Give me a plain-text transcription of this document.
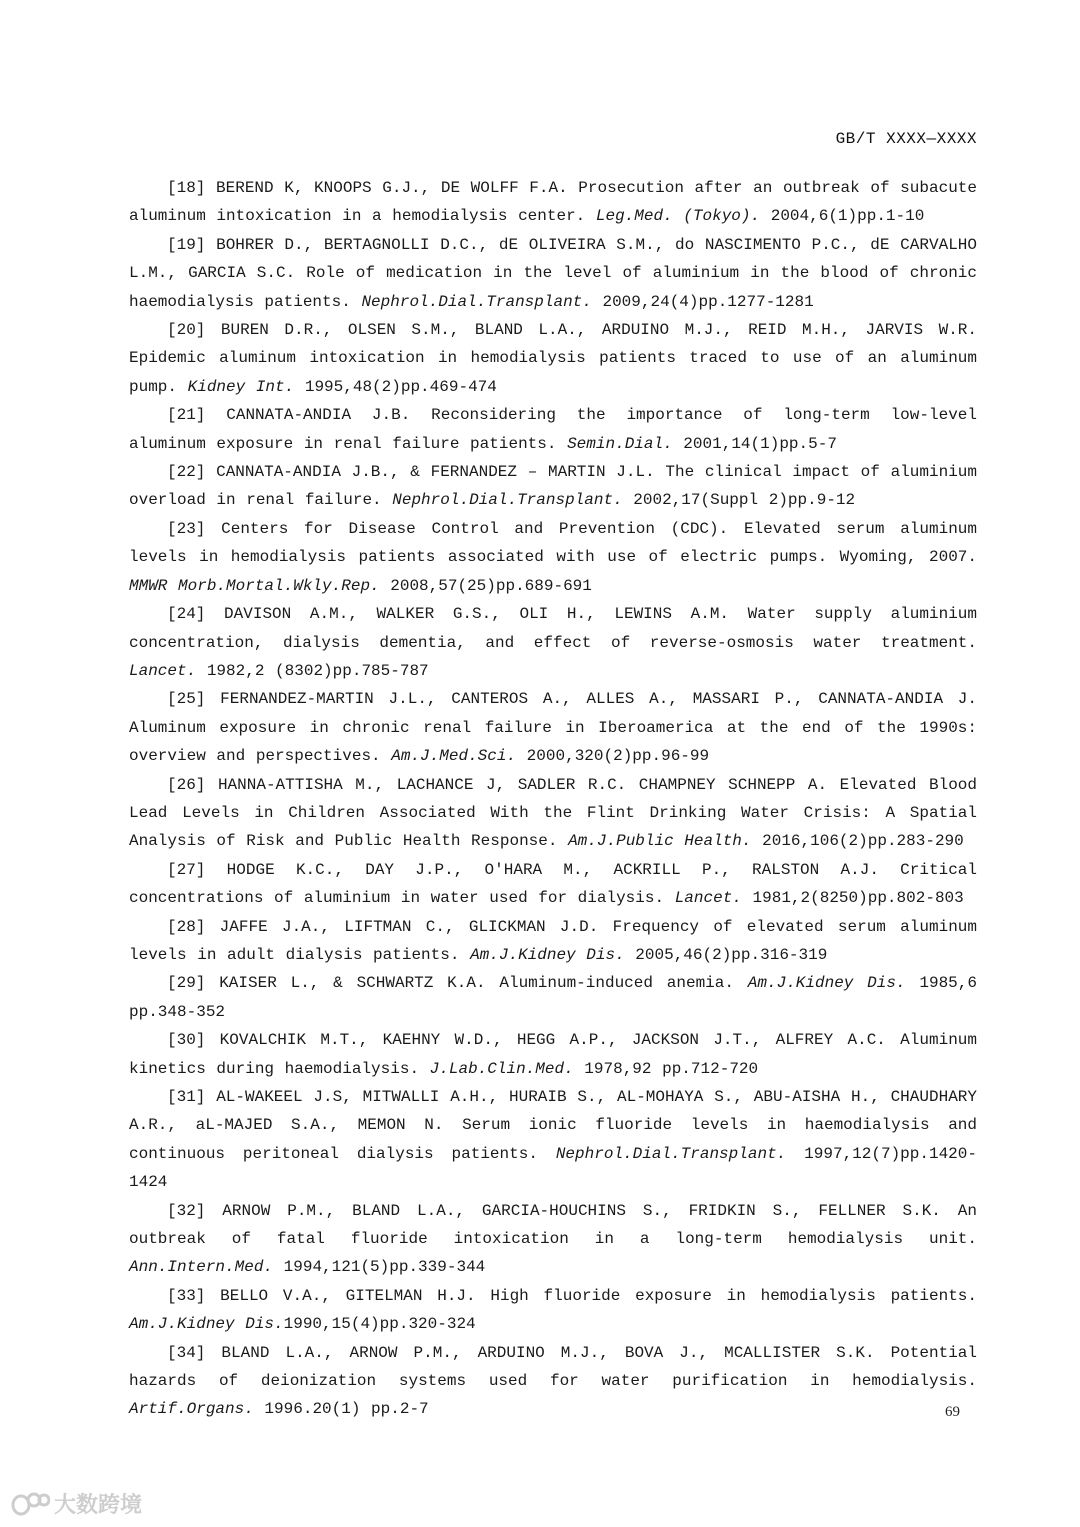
GB/T XXXX—XXXX

[18] BEREND K, KNOOPS G.J., DE WOLFF F.A. Prosecution after an outbreak of subacute aluminum intoxication in a hemodialysis center. Leg.Med. (Tokyo). 2004,6(1)pp.1-10

[19] BOHRER D., BERTAGNOLLI D.C., dE OLIVEIRA S.M., do NASCIMENTO P.C., dE CARVALHO L.M., GARCIA S.C. Role of medication in the level of aluminium in the blood of chronic haemodialysis patients. Nephrol.Dial.Transplant. 2009,24(4)pp.1277-1281

[20] BUREN D.R., OLSEN S.M., BLAND L.A., ARDUINO M.J., REID M.H., JARVIS W.R. Epidemic aluminum intoxication in hemodialysis patients traced to use of an aluminum pump. Kidney Int. 1995,48(2)pp.469-474

[21] CANNATA-ANDIA J.B. Reconsidering the importance of long-term low-level aluminum exposure in renal failure patients. Semin.Dial. 2001,14(1)pp.5-7

[22] CANNATA-ANDIA J.B., & FERNANDEZ – MARTIN J.L. The clinical impact of aluminium overload in renal failure. Nephrol.Dial.Transplant. 2002,17(Suppl 2)pp.9-12

[23] Centers for Disease Control and Prevention (CDC). Elevated serum aluminum levels in hemodialysis patients associated with use of electric pumps. Wyoming, 2007. MMWR Morb.Mortal.Wkly.Rep. 2008,57(25)pp.689-691

[24] DAVISON A.M., WALKER G.S., OLI H., LEWINS A.M. Water supply aluminium concentration, dialysis dementia, and effect of reverse-osmosis water treatment. Lancet. 1982,2 (8302)pp.785-787

[25] FERNANDEZ-MARTIN J.L., CANTEROS A., ALLES A., MASSARI P., CANNATA-ANDIA J. Aluminum exposure in chronic renal failure in Iberoamerica at the end of the 1990s: overview and perspectives. Am.J.Med.Sci. 2000,320(2)pp.96-99

[26] HANNA-ATTISHA M., LACHANCE J, SADLER R.C. CHAMPNEY SCHNEPP A. Elevated Blood Lead Levels in Children Associated With the Flint Drinking Water Crisis: A Spatial Analysis of Risk and Public Health Response. Am.J.Public Health. 2016,106(2)pp.283-290

[27] HODGE K.C., DAY J.P., O'HARA M., ACKRILL P., RALSTON A.J. Critical concentrations of aluminium in water used for dialysis. Lancet. 1981,2(8250)pp.802-803

[28] JAFFE J.A., LIFTMAN C., GLICKMAN J.D. Frequency of elevated serum aluminum levels in adult dialysis patients. Am.J.Kidney Dis. 2005,46(2)pp.316-319

[29] KAISER L., & SCHWARTZ K.A. Aluminum-induced anemia. Am.J.Kidney Dis. 1985,6 pp.348-352

[30] KOVALCHIK M.T., KAEHNY W.D., HEGG A.P., JACKSON J.T., ALFREY A.C. Aluminum kinetics during haemodialysis. J.Lab.Clin.Med. 1978,92 pp.712-720

[31] AL-WAKEEL J.S, MITWALLI A.H., HURAIB S., AL-MOHAYA S., ABU-AISHA H., CHAUDHARY A.R., aL-MAJED S.A., MEMON N. Serum ionic fluoride levels in haemodialysis and continuous peritoneal dialysis patients. Nephrol.Dial.Transplant. 1997,12(7)pp.1420-1424

[32] ARNOW P.M., BLAND L.A., GARCIA-HOUCHINS S., FRIDKIN S., FELLNER S.K. An outbreak of fatal fluoride intoxication in a long-term hemodialysis unit. Ann.Intern.Med. 1994,121(5)pp.339-344

[33] BELLO V.A., GITELMAN H.J. High fluoride exposure in hemodialysis patients. Am.J.Kidney Dis.1990,15(4)pp.320-324

[34] BLAND L.A., ARNOW P.M., ARDUINO M.J., BOVA J., MCALLISTER S.K. Potential hazards of deionization systems used for water purification in hemodialysis. Artif.Organs. 1996.20(1) pp.2-7	69
大数跨境
